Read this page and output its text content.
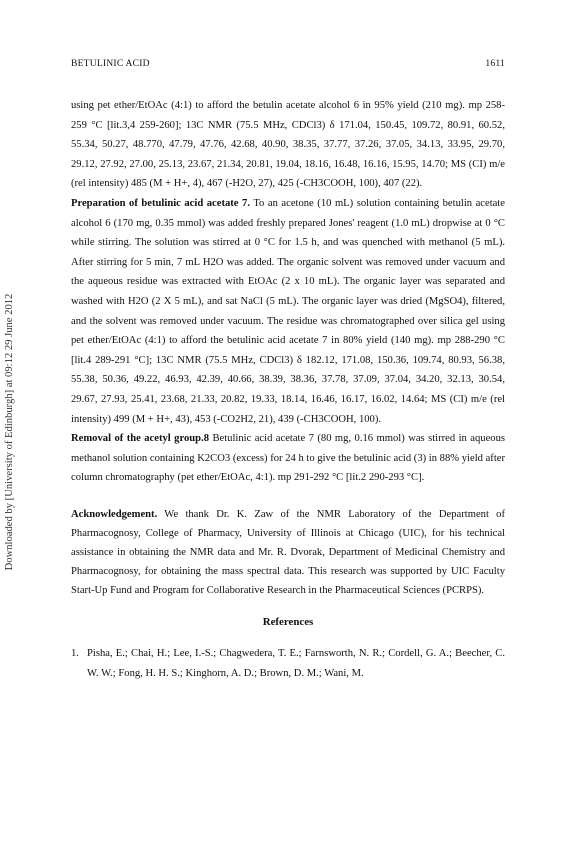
BETULINIC ACID	1611
Downloaded by [University of Edinburgh] at 09:12 29 June 2012

using pet ether/EtOAc (4:1) to afford the betulin acetate alcohol 6 in 95% yield (210 mg). mp 258-259 °C [lit.3,4 259-260]; 13C NMR (75.5 MHz, CDCl3) δ 171.04, 150.45, 109.72, 80.91, 60.52, 55.34, 50.27, 48.770, 47.79, 47.76, 42.68, 40.90, 38.35, 37.77, 37.26, 37.05, 34.13, 33.95, 29.70, 29.12, 27.92, 27.00, 25.13, 23.67, 21.34, 20.81, 19.04, 18.16, 16.48, 16.16, 15.95, 14.70; MS (CI) m/e (rel intensity) 485 (M + H+, 4), 467 (-H2O, 27), 425 (-CH3COOH, 100), 407 (22).

Preparation of betulinic acid acetate 7. To an acetone (10 mL) solution containing betulin acetate alcohol 6 (170 mg, 0.35 mmol) was added freshly prepared Jones' reagent (1.0 mL) dropwise at 0 °C while stirring. The solution was stirred at 0 °C for 1.5 h, and was quenched with methanol (5 mL). After stirring for 5 min, 7 mL H2O was added. The organic solvent was removed under vacuum and the aqueous residue was extracted with EtOAc (2 x 10 mL). The organic layer was separated and washed with H2O (2 X 5 mL), and sat NaCl (5 mL). The organic layer was dried (MgSO4), filtered, and the solvent was removed under vacuum. The residue was chromatographed over silica gel using pet ether/EtOAc (4:1) to afford the betulinic acid acetate 7 in 80% yield (140 mg). mp 288-290 °C [lit.4 289-291 °C]; 13C NMR (75.5 MHz, CDCl3) δ 182.12, 171.08, 150.36, 109.74, 80.93, 56.38, 55.38, 50.36, 49.22, 46.93, 42.39, 40.66, 38.39, 38.36, 37.78, 37.09, 37.04, 34.20, 32.13, 30.54, 29.67, 27.93, 25.41, 23.68, 21.33, 20.82, 19.33, 18.14, 16.46, 16.17, 16.02, 14.64; MS (CI) m/e (rel intensity) 499 (M + H+, 43), 453 (-CO2H2, 21), 439 (-CH3COOH, 100).

Removal of the acetyl group.8 Betulinic acid acetate 7 (80 mg, 0.16 mmol) was stirred in aqueous methanol solution containing K2CO3 (excess) for 24 h to give the betulinic acid (3) in 88% yield after column chromatography (pet ether/EtOAc, 4:1). mp 291-292 °C [lit.2 290-293 °C].

Acknowledgement. We thank Dr. K. Zaw of the NMR Laboratory of the Department of Pharmacognosy, College of Pharmacy, University of Illinois at Chicago (UIC), for his technical assistance in obtaining the NMR data and Mr. R. Dvorak, Department of Medicinal Chemistry and Pharmacognosy, for obtaining the mass spectral data. This research was supported by UIC Faculty Start-Up Fund and Program for Collaborative Research in the Pharmaceutical Sciences (PCRPS).

References
1. Pisha, E.; Chai, H.; Lee, I.-S.; Chagwedera, T. E.; Farnsworth, N. R.; Cordell, G. A.; Beecher, C. W. W.; Fong, H. H. S.; Kinghorn, A. D.; Brown, D. M.; Wani, M.
